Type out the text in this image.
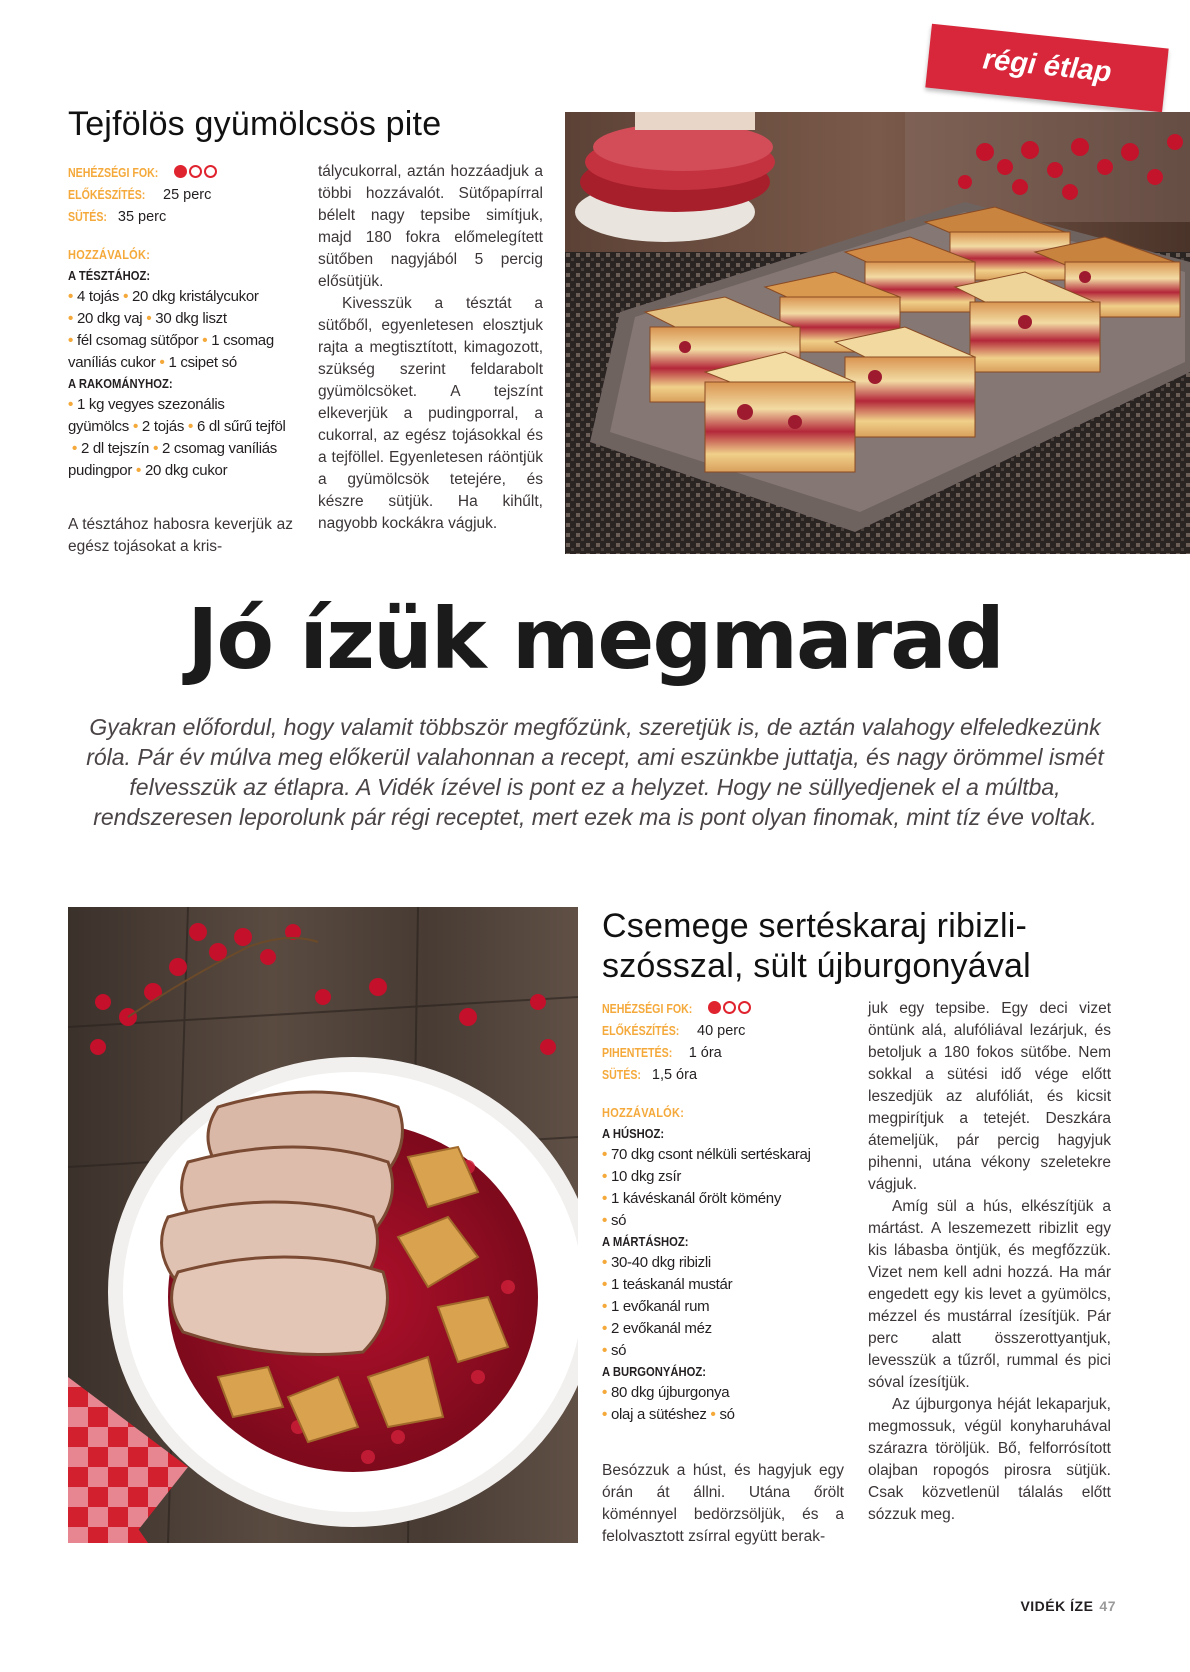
régi étlap
Tejfölös gyümölcsös pite
NEHÉZSÉGI FOK:
ELŐKÉSZÍTÉS: 25 perc
SÜTÉS: 35 perc
HOZZÁVALÓK:
A TÉSZTÁHOZ:
• 4 tojás • 20 dkg kristálycukor
• 20 dkg vaj • 30 dkg liszt
• fél csomag sütőpor • 1 csomag vaníliás cukor • 1 csipet só
A RAKOMÁNYHOZ:
• 1 kg vegyes szezonális gyümölcs • 2 tojás • 6 dl sűrű tejföl • 2 dl tejszín • 2 csomag vaníliás pudingpor • 20 dkg cukor

A tésztához habosra keverjük az egész tojásokat a kris-

tálycukorral, aztán hozzáadjuk a többi hozzávalót. Sütőpapírral bélelt nagy tepsibe simítjuk, majd 180 fokra előmelegített sütőben nagyjából 5 percig elősütjük.

Kivesszük a tésztát a sütőből, egyenletesen elosztjuk rajta a megtisztított, kimagozott, szükség szerint feldarabolt gyümölcsöket. A tejszínt elkeverjük a pudingporral, a cukorral, az egész tojásokkal és a tejföllel. Egyenletesen ráöntjük a gyümölcsök tetejére, és készre sütjük. Ha kihűlt, nagyobb kockákra vágjuk.

Jó ízük megmarad
Gyakran előfordul, hogy valamit többször megfőzünk, szeretjük is, de aztán valahogy elfeledkezünk róla. Pár év múlva meg előkerül valahonnan a recept, ami eszünkbe juttatja, és nagy örömmel ismét felvesszük az étlapra. A Vidék ízével is pont ez a helyzet. Hogy ne süllyedjenek el a múltba, rendszeresen leporolunk pár régi receptet, mert ezek ma is pont olyan finomak, mint tíz éve voltak.
Csemege sertéskaraj ribizli-
szósszal, sült újburgonyával
NEHÉZSÉGI FOK:
ELŐKÉSZÍTÉS: 40 perc
PIHENTETÉS: 1 óra
SÜTÉS: 1,5 óra
HOZZÁVALÓK:
A HÚSHOZ:
• 70 dkg csont nélküli sertéskaraj
• 10 dkg zsír
• 1 kávéskanál őrölt kömény
• só
A MÁRTÁSHOZ:
• 30-40 dkg ribizli
• 1 teáskanál mustár
• 1 evőkanál rum
• 2 evőkanál méz
• só
A BURGONYÁHOZ:
• 80 dkg újburgonya
• olaj a sütéshez • só

Besózzuk a húst, és hagyjuk egy órán át állni. Utána őrölt köménnyel bedörzsöljük, és a felolvasztott zsírral együtt berak-

juk egy tepsibe. Egy deci vizet öntünk alá, alufóliával lezárjuk, és betoljuk a 180 fokos sütőbe. Nem sokkal a sütési idő vége előtt leszedjük az alufóliát, és kicsit megpirítjuk a tetejét. Deszkára átemeljük, pár percig hagyjuk pihenni, utána vékony szeletekre vágjuk.

Amíg sül a hús, elkészítjük a mártást. A leszemezett ribizlit egy kis lábasba öntjük, és megfőzzük. Vizet nem kell adni hozzá. Ha már engedett egy kis levet a gyümölcs, mézzel és mustárral ízesítjük. Pár perc alatt összerottyantjuk, levesszük a tűzről, rummal és pici sóval ízesítjük.

Az újburgonya héját lekaparjuk, megmossuk, végül konyharuhával szárazra töröljük. Bő, felforrósított olajban ropogós pirosra sütjük. Csak közvetlenül tálalás előtt sózzuk meg.

VIDÉK ÍZE 47
